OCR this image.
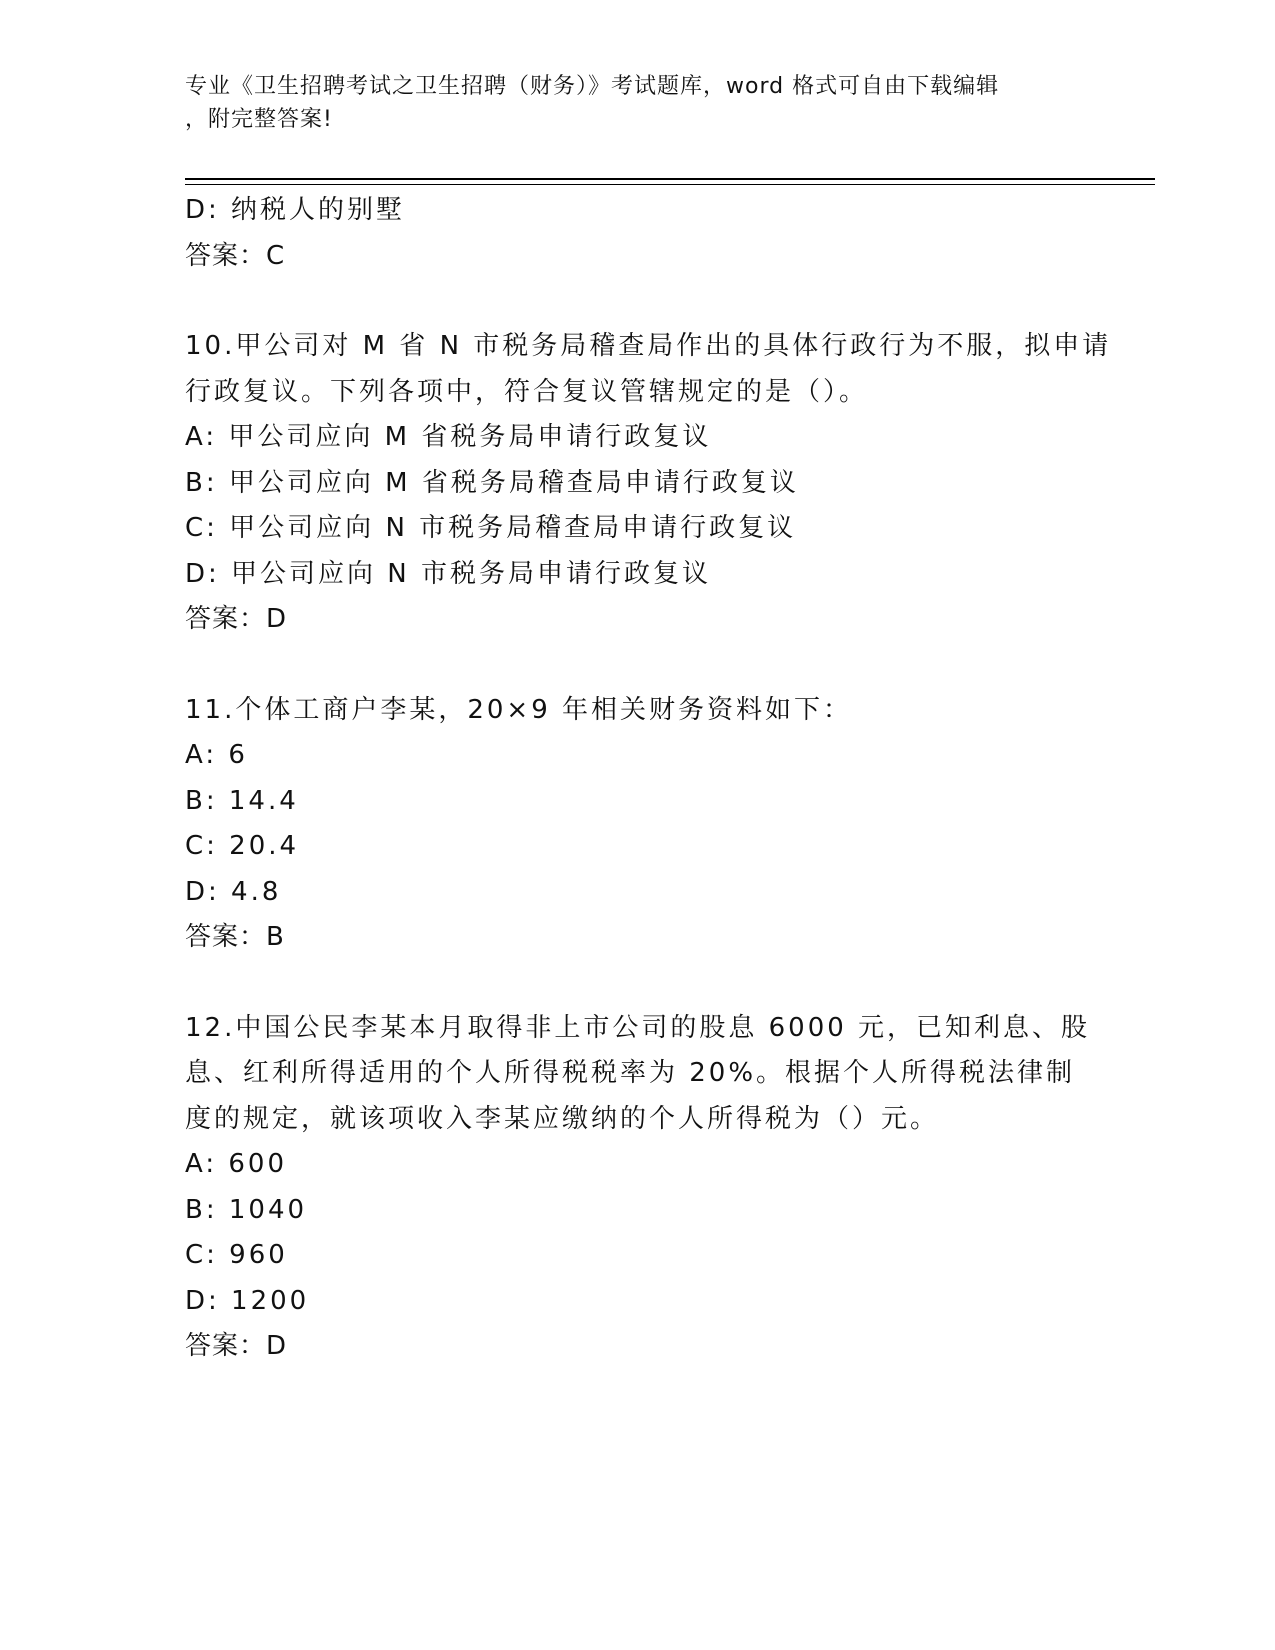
专业《卫生招聘考试之卫生招聘（财务）》考试题库，word 格式可自由下载编辑
，附完整答案!
D: 纳税人的别墅
答案：C
10.甲公司对 M 省 N 市税务局稽查局作出的具体行政行为不服，拟申请
行政复议。下列各项中，符合复议管辖规定的是（）。
A: 甲公司应向 M 省税务局申请行政复议
B: 甲公司应向 M 省税务局稽查局申请行政复议
C: 甲公司应向 N 市税务局稽查局申请行政复议
D: 甲公司应向 N 市税务局申请行政复议
答案：D
11.个体工商户李某，20×9 年相关财务资料如下：
A: 6
B: 14.4
C: 20.4
D: 4.8
答案：B
12.中国公民李某本月取得非上市公司的股息 6000 元，已知利息、股
息、红利所得适用的个人所得税税率为 20%。根据个人所得税法律制
度的规定，就该项收入李某应缴纳的个人所得税为（）元。
A: 600
B: 1040
C: 960
D: 1200
答案：D
